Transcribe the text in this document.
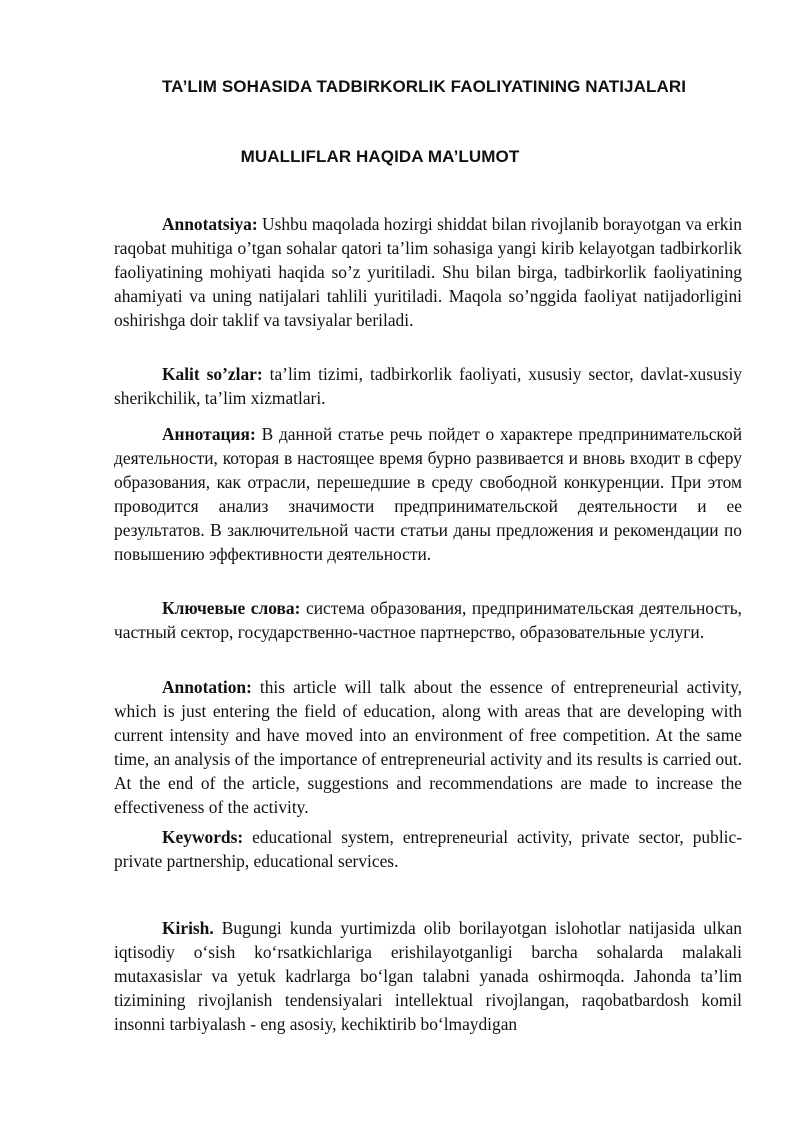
TA’LIM SOHASIDA TADBIRKORLIK FAOLIYATINING NATIJALARI
MUALLIFLAR HAQIDA MA’LUMOT

Annotatsiya: Ushbu maqolada hozirgi shiddat bilan rivojlanib borayotgan va erkin raqobat muhitiga o’tgan sohalar qatori ta’lim sohasiga yangi kirib kelayotgan tadbirkorlik faoliyatining mohiyati haqida so’z yuritiladi. Shu bilan birga, tadbirkorlik faoliyatining ahamiyati va uning natijalari tahlili yuritiladi. Maqola so’nggida faoliyat natijadorligini oshirishga doir taklif va tavsiyalar beriladi.

Kalit so’zlar: ta’lim tizimi, tadbirkorlik faoliyati, xususiy sector, davlat-xususiy sherikchilik, ta’lim xizmatlari.

Аннотация: В данной статье речь пойдет о характере предпринимательской деятельности, которая в настоящее время бурно развивается и вновь входит в сферу образования, как отрасли, перешедшие в среду свободной конкуренции. При этом проводится анализ значимости предпринимательской деятельности и ее результатов. В заключительной части статьи даны предложения и рекомендации по повышению эффективности деятельности.

Ключевые слова: система образования, предпринимательская деятельность, частный сектор, государственно-частное партнерство, образовательные услуги.

Annotation: this article will talk about the essence of entrepreneurial activity, which is just entering the field of education, along with areas that are developing with current intensity and have moved into an environment of free competition. At the same time, an analysis of the importance of entrepreneurial activity and its results is carried out. At the end of the article, suggestions and recommendations are made to increase the effectiveness of the activity.

Keywords: educational system, entrepreneurial activity, private sector, public-private partnership, educational services.

Kirish. Bugungi kunda yurtimizda olib borilayotgan islohotlar natijasida ulkan iqtisodiy o‘sish ko‘rsatkichlariga erishilayotganligi barcha sohalarda malakali mutaxasislar va yetuk kadrlarga bo‘lgan talabni yanada oshirmoqda. Jahonda ta’lim tizimining rivojlanish tendensiyalari intellektual rivojlangan, raqobatbardosh komil insonni tarbiyalash - eng asosiy, kechiktirib bo‘lmaydigan
